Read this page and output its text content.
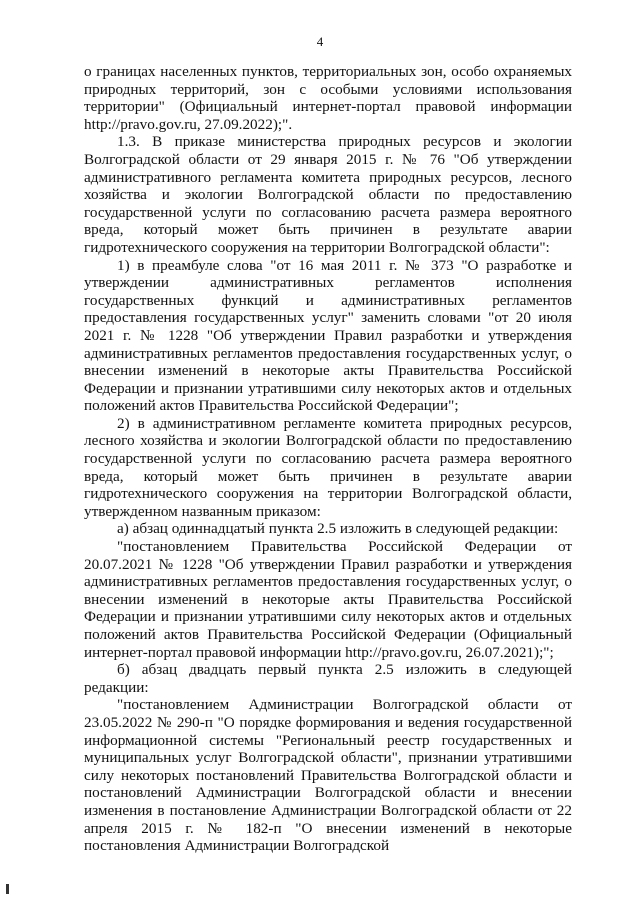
4

о границах населенных пунктов, территориальных зон, особо охраняемых природных территорий, зон с особыми условиями использования территории" (Официальный интернет-портал правовой информации http://pravo.gov.ru, 27.09.2022);".

1.3. В приказе министерства природных ресурсов и экологии Волгоградской области от 29 января 2015 г. № 76 "Об утверждении административного регламента комитета природных ресурсов, лесного хозяйства и экологии Волгоградской области по предоставлению государственной услуги по согласованию расчета размера вероятного вреда, который может быть причинен в результате аварии гидротехнического сооружения на территории Волгоградской области":

1) в преамбуле слова "от 16 мая 2011 г. № 373 "О разработке и утверждении административных регламентов исполнения государственных функций и административных регламентов предоставления государственных услуг" заменить словами "от 20 июля 2021 г. № 1228 "Об утверждении Правил разработки и утверждения административных регламентов предоставления государственных услуг, о внесении изменений в некоторые акты Правительства Российской Федерации и признании утратившими силу некоторых актов и отдельных положений актов Правительства Российской Федерации";

2) в административном регламенте комитета природных ресурсов, лесного хозяйства и экологии Волгоградской области по предоставлению государственной услуги по согласованию расчета размера вероятного вреда, который может быть причинен в результате аварии гидротехнического сооружения на территории Волгоградской области, утвержденном названным приказом:

а) абзац одиннадцатый пункта 2.5 изложить в следующей редакции:

"постановлением Правительства Российской Федерации от 20.07.2021 № 1228 "Об утверждении Правил разработки и утверждения административных регламентов предоставления государственных услуг, о внесении изменений в некоторые акты Правительства Российской Федерации и признании утратившими силу некоторых актов и отдельных положений актов Правительства Российской Федерации (Официальный интернет-портал правовой информации http://pravo.gov.ru, 26.07.2021);";

б) абзац двадцать первый пункта 2.5 изложить в следующей редакции:

"постановлением Администрации Волгоградской области от 23.05.2022 № 290-п "О порядке формирования и ведения государственной информационной системы "Региональный реестр государственных и муниципальных услуг Волгоградской области", признании утратившими силу некоторых постановлений Правительства Волгоградской области и постановлений Администрации Волгоградской области и внесении изменения в постановление Администрации Волгоградской области от 22 апреля 2015 г. № 182-п "О внесении изменений в некоторые постановления Администрации Волгоградской
